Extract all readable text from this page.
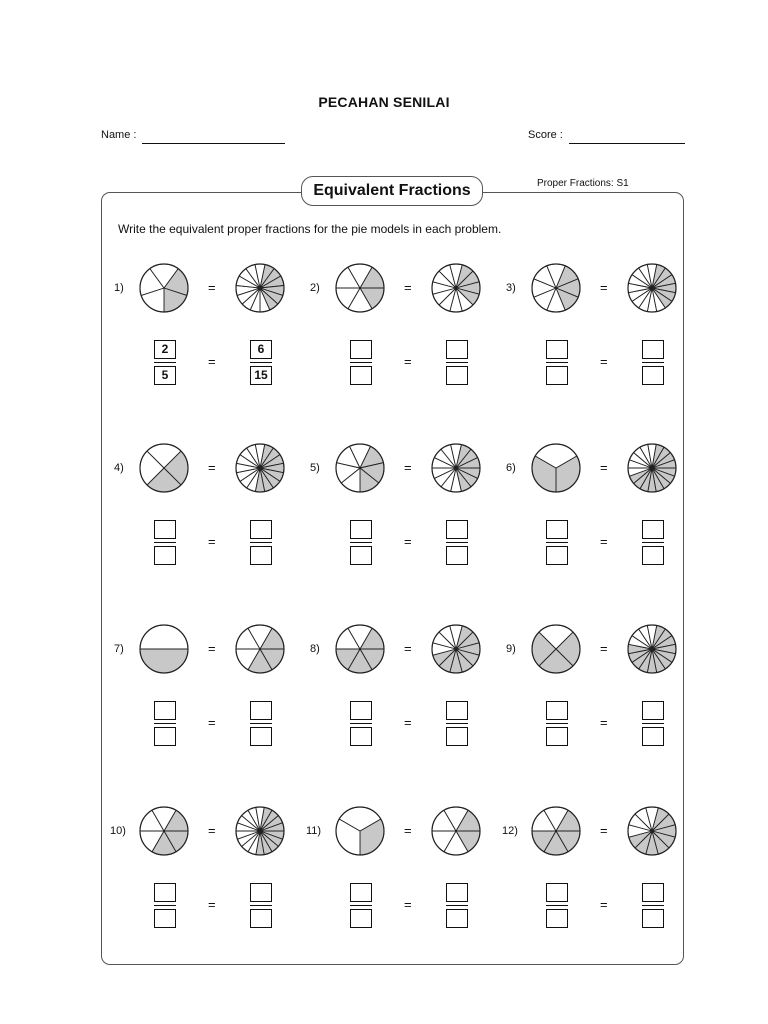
PECAHAN SENILAI
Name :	Score :
Equivalent Fractions	Proper Fractions: S1
Write the equivalent proper fractions for the pie models in each problem.
1)	=
$\frac{2}{5}$ =	$\frac{6}{15}$
2)	=
=
3)	=
=
4)	=
=
5)	=
=
6)	=
=
7)	=
=
8)	=
=
9)	=
=
10)	=
=
11)	=
=
12)	=
=
